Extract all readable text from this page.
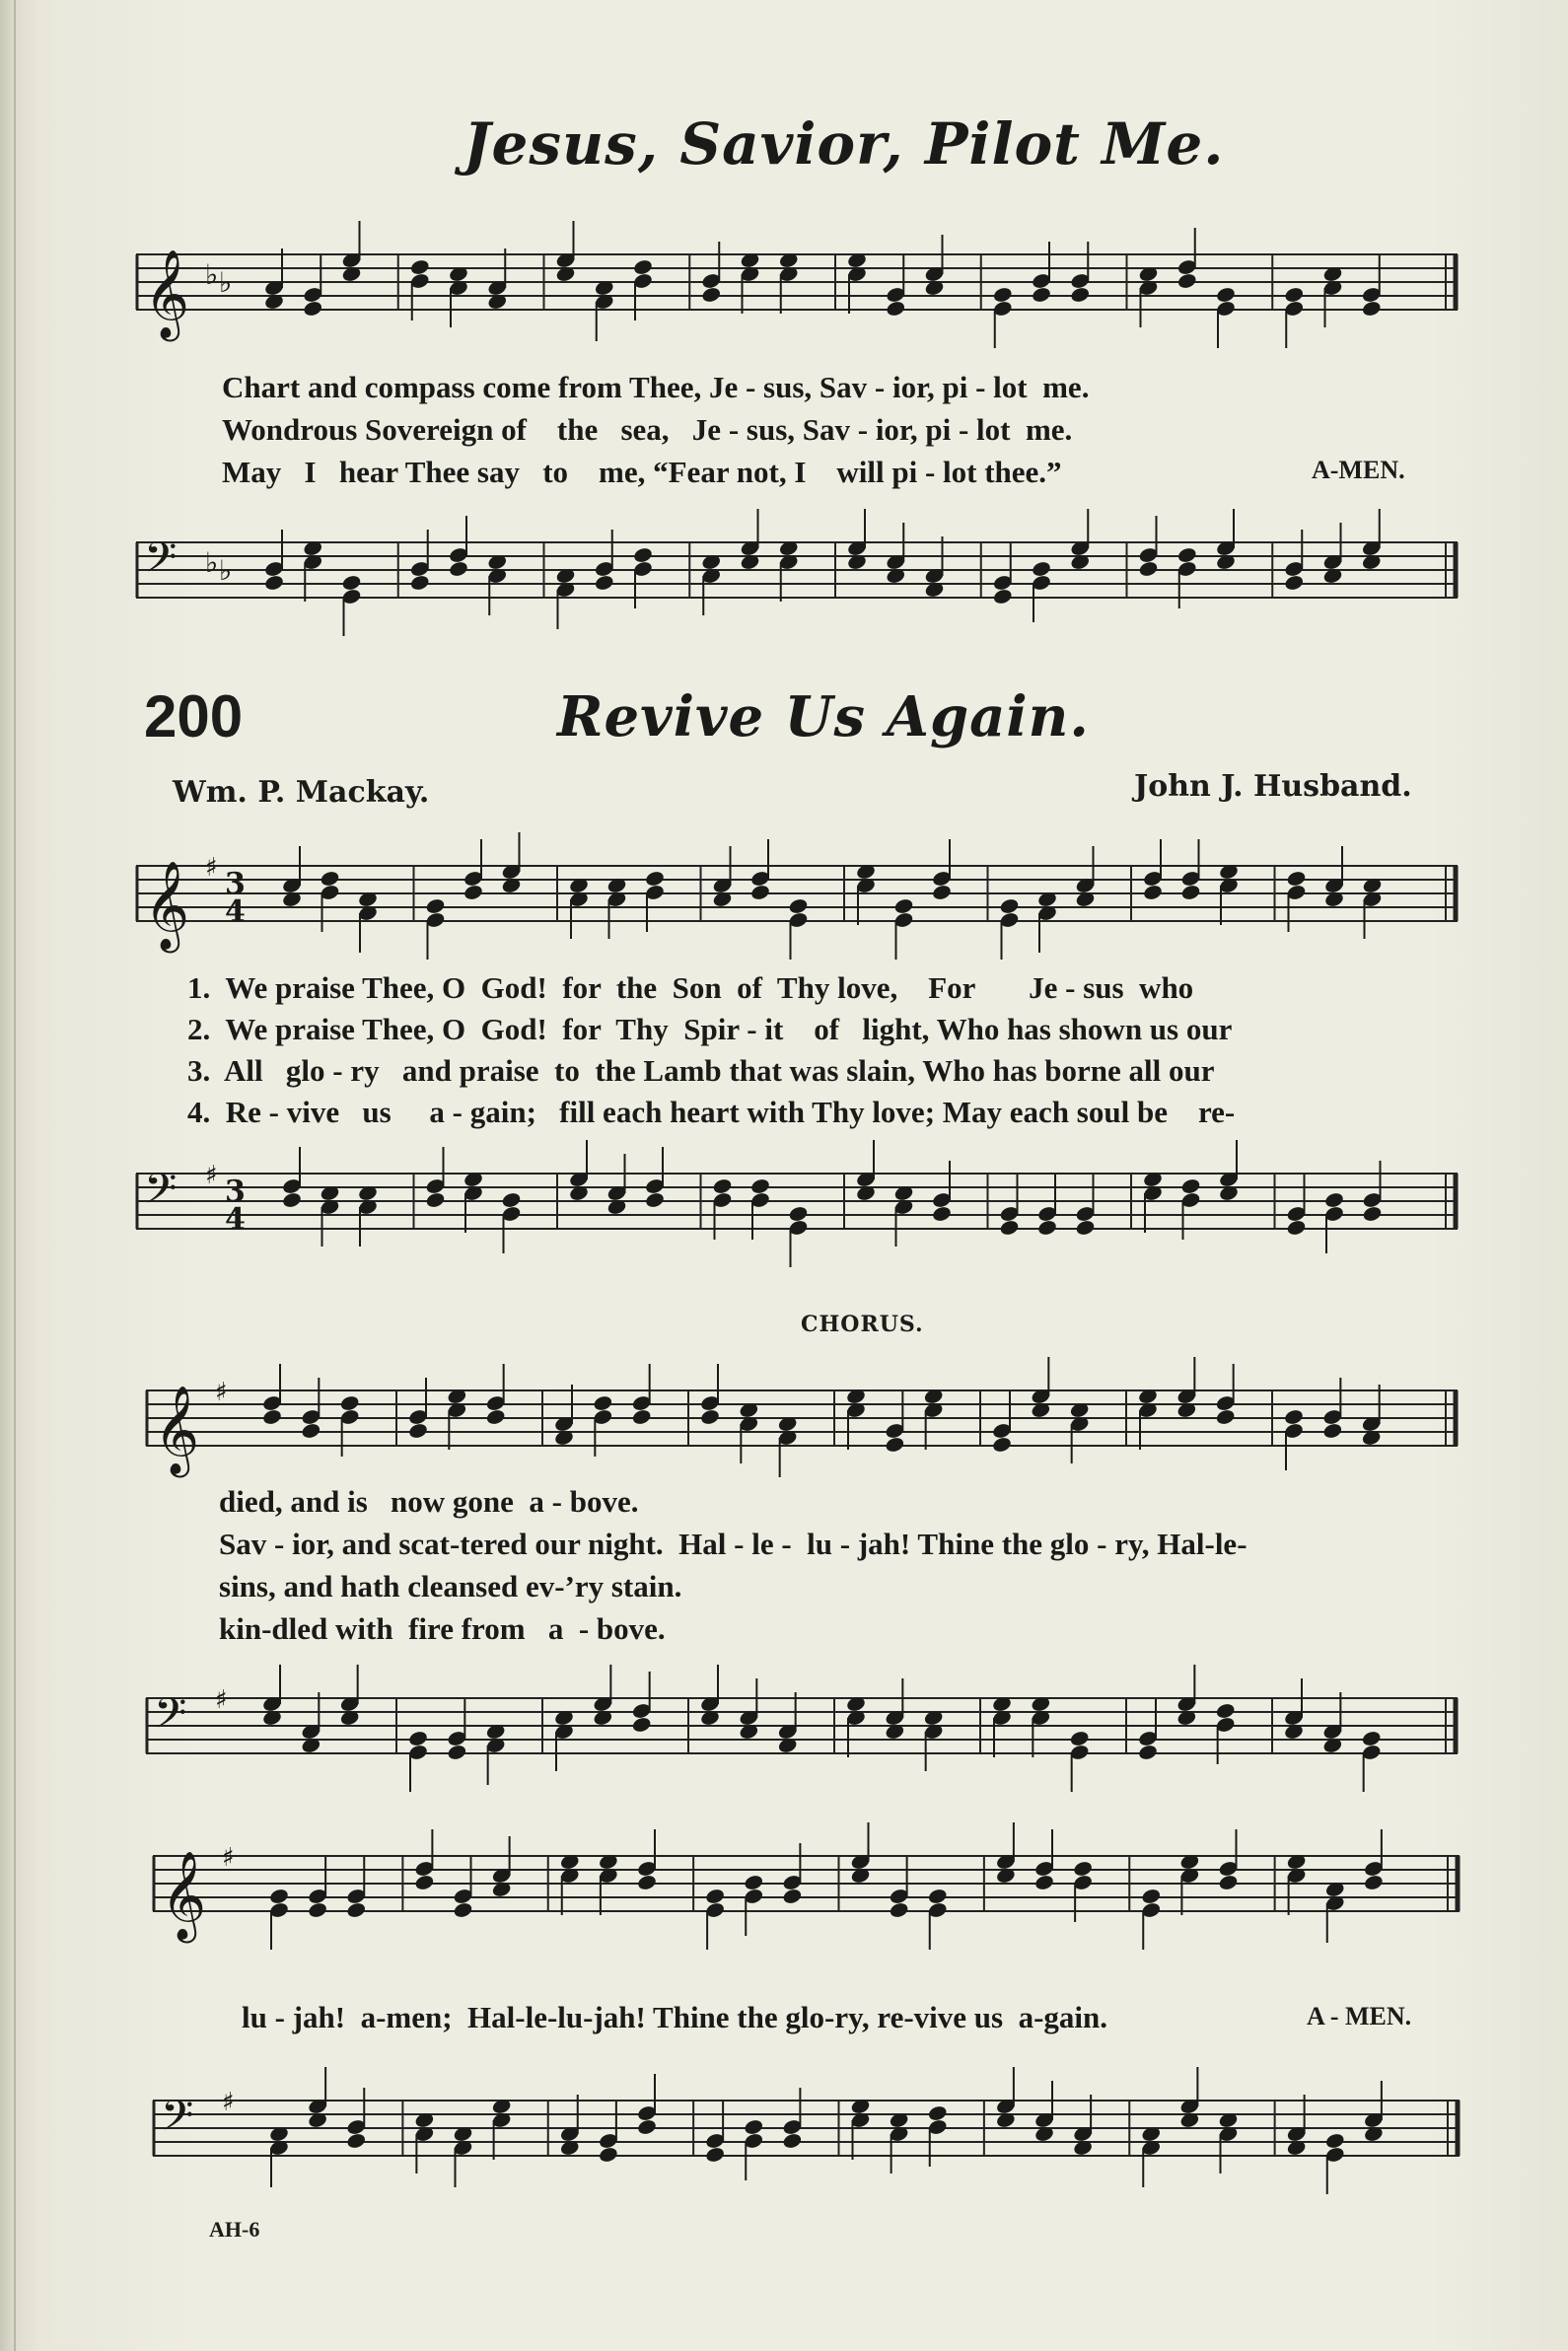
Jesus, Savior, Pilot Me.
𝄞 ♭ ♭
Chart and compass come from Thee, Je - sus, Sav - ior, pi - lot  me.
Wondrous Sovereign of    the   sea,   Je - sus, Sav - ior, pi - lot  me.
May   I   hear Thee say   to    me, “Fear not, I    will pi - lot thee.”	A-MEN.
𝄢 ♭ ♭
200	Revive Us Again.
Wm. P. Mackay.	John J. Husband.
𝄞 ♯ 3
4
1.  We praise Thee, O  God!  for  the  Son  of  Thy love,    For       Je - sus  who
2.  We praise Thee, O  God!  for  Thy  Spir - it    of   light, Who has shown us our
3.  All   glo - ry   and praise  to  the Lamb that was slain, Who has borne all our
4.  Re - vive   us     a - gain;   fill each heart with Thy love; May each soul be    re-
𝄢 ♯ 3
4
CHORUS.
𝄞 ♯
died, and is   now gone  a - bove.
Sav - ior, and scat-tered our night.  Hal - le -  lu - jah! Thine the glo - ry, Hal-le-
sins, and hath cleansed ev-’ry stain.
kin-dled with  fire from   a  - bove.
𝄢 ♯
𝄞 ♯
lu - jah!  a-men;  Hal-le-lu-jah! Thine the glo-ry, re-vive us  a-gain.	A - MEN.
𝄢 ♯
AH-6
